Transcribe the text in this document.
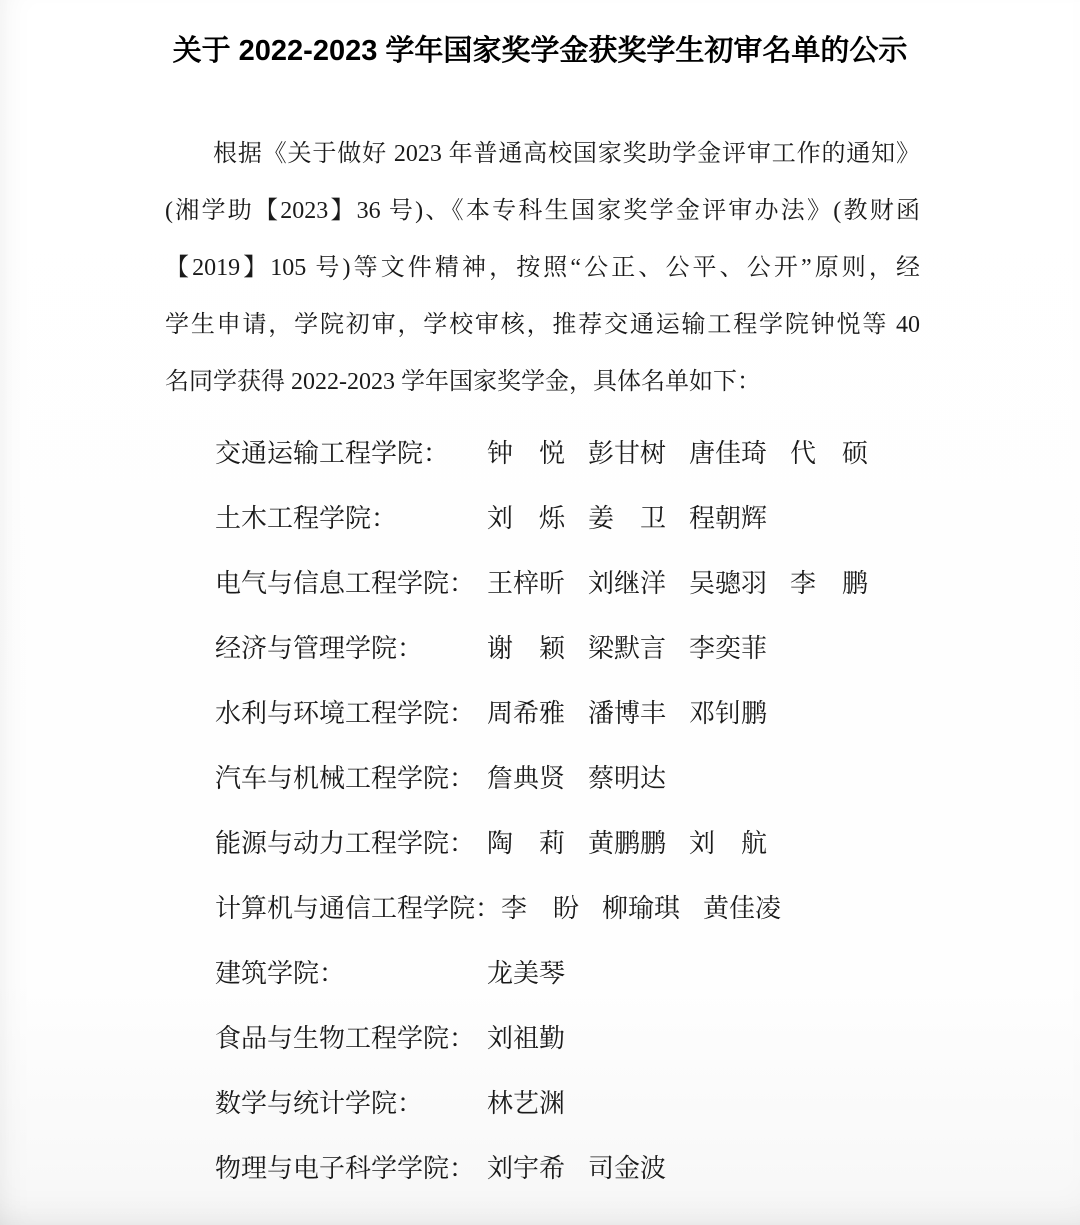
关于 2022-2023 学年国家奖学金获奖学生初审名单的公示
根据《关于做好 2023 年普通高校国家奖助学金评审工作的通知》
(湘学助【2023】36 号)、《本专科生国家奖学金评审办法》(教财函
【2019】105 号)等文件精神，按照“公正、公平、公开”原则，经
学生申请，学院初审，学校审核，推荐交通运输工程学院钟悦等 40
名同学获得 2022-2023 学年国家奖学金，具体名单如下：
交通运输工程学院：	钟　悦 彭甘树 唐佳琦 代　硕
土木工程学院：	刘　烁 姜　卫 程朝辉
电气与信息工程学院： 王梓昕 刘继洋 吴骢羽 李　鹏
经济与管理学院：	谢　颖 梁默言 李奕菲
水利与环境工程学院： 周希雅 潘博丰 邓钊鹏
汽车与机械工程学院： 詹典贤 蔡明达
能源与动力工程学院： 陶　莉 黄鹏鹏 刘　航
计算机与通信工程学院： 李　盼 柳瑜琪 黄佳凌
建筑学院：	龙美琴
食品与生物工程学院： 刘祖勤
数学与统计学院：	林艺渊
物理与电子科学学院： 刘宇希 司金波
